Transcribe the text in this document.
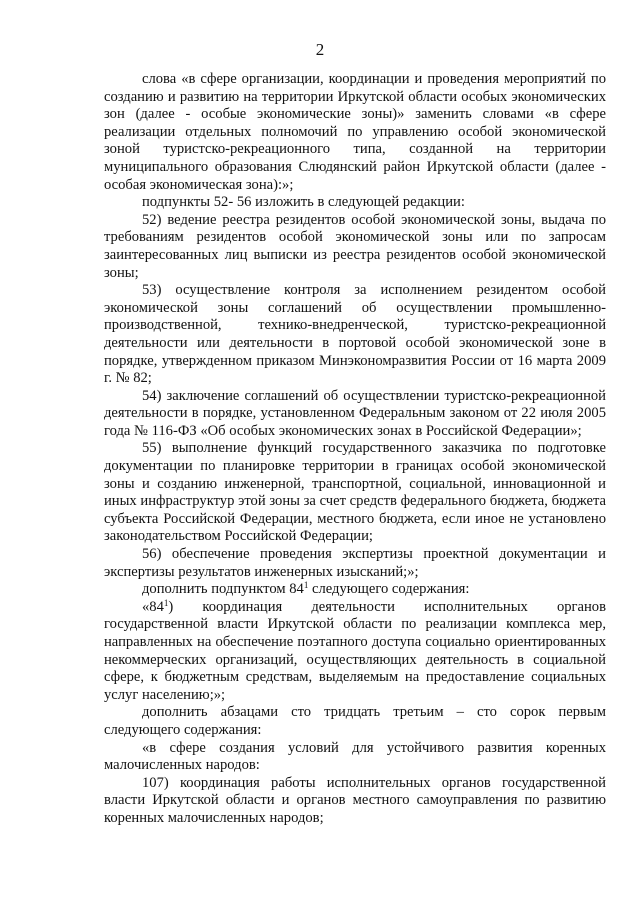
2

слова «в сфере организации, координации и проведения мероприятий по созданию и развитию на территории Иркутской области особых экономических зон (далее - особые экономические зоны)» заменить словами «в сфере реализации отдельных полномочий по управлению особой экономической зоной туристско-рекреационного типа, созданной на территории муниципального образования Слюдянский район Иркутской области (далее - особая экономическая зона):»;

подпункты 52- 56 изложить в следующей редакции:

52) ведение реестра резидентов особой экономической зоны, выдача по требованиям резидентов особой экономической зоны или по запросам заинтересованных лиц выписки из реестра резидентов особой экономической зоны;

53) осуществление контроля за исполнением резидентом особой экономической зоны соглашений об осуществлении промышленно-производственной, технико-внедренческой, туристско-рекреационной деятельности или деятельности в портовой особой экономической зоне в порядке, утвержденном приказом Минэкономразвития России от 16 марта 2009 г. № 82;

54) заключение соглашений об осуществлении туристско-рекреационной деятельности в порядке, установленном Федеральным законом от 22 июля 2005 года № 116-ФЗ «Об особых экономических зонах в Российской Федерации»;

55) выполнение функций государственного заказчика по подготовке документации по планировке территории в границах особой экономической зоны и созданию инженерной, транспортной, социальной, инновационной и иных инфраструктур этой зоны за счет средств федерального бюджета, бюджета субъекта Российской Федерации, местного бюджета, если иное не установлено законодательством Российской Федерации;

56) обеспечение проведения экспертизы проектной документации и экспертизы результатов инженерных изысканий;»;

дополнить подпунктом $84^1$ следующего содержания:

«$84^1$) координация деятельности исполнительных органов государственной власти Иркутской области по реализации комплекса мер, направленных на обеспечение поэтапного доступа социально ориентированных некоммерческих организаций, осуществляющих деятельность в социальной сфере, к бюджетным средствам, выделяемым на предоставление социальных услуг населению;»;

дополнить абзацами сто тридцать третьим – сто сорок первым следующего содержания:

«в сфере создания условий для устойчивого развития коренных малочисленных народов:

107) координация работы исполнительных органов государственной власти Иркутской области и органов местного самоуправления по развитию коренных малочисленных народов;
